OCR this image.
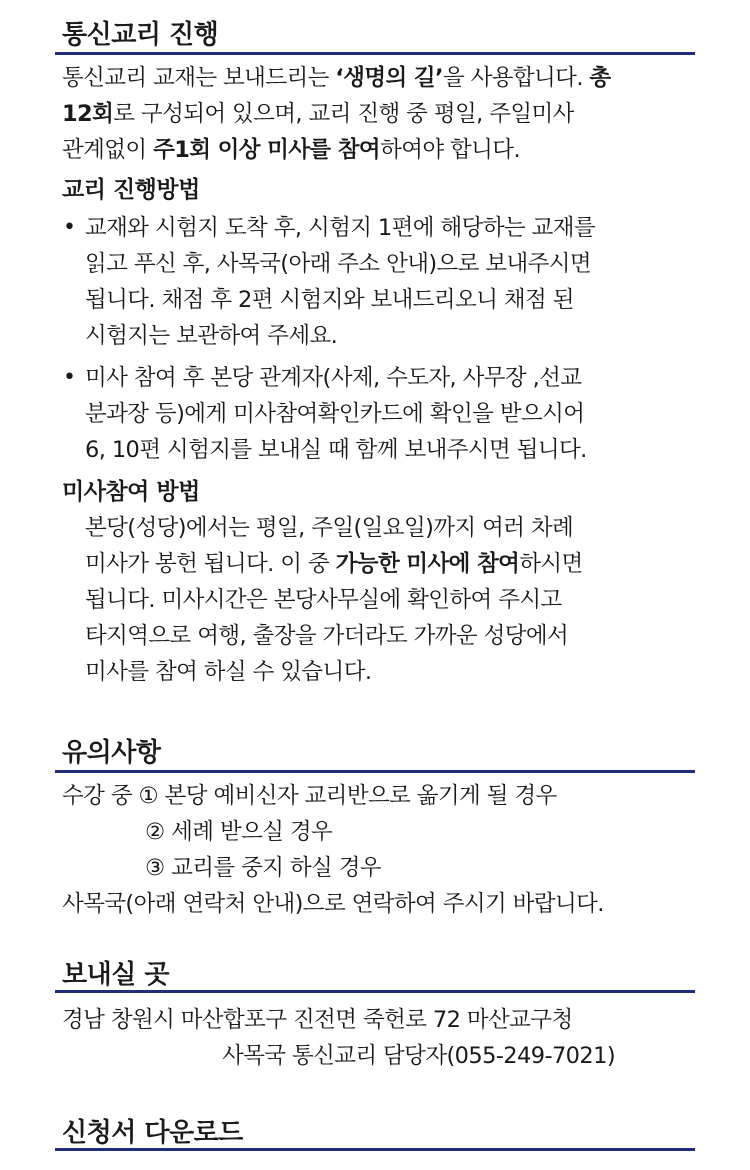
통신교리 진행
통신교리 교재는 보내드리는 ‘생명의 길’을 사용합니다. 총
12회로 구성되어 있으며, 교리 진행 중 평일, 주일미사
관계없이 주1회 이상 미사를 참여하여야 합니다.
교리 진행방법
• 교재와 시험지 도착 후, 시험지 1편에 해당하는 교재를
읽고 푸신 후, 사목국(아래 주소 안내)으로 보내주시면
됩니다. 채점 후 2편 시험지와 보내드리오니 채점 된
시험지는 보관하여 주세요.
• 미사 참여 후 본당 관계자(사제, 수도자, 사무장 ,선교
분과장 등)에게 미사참여확인카드에 확인을 받으시어
6, 10편 시험지를 보내실 때 함께 보내주시면 됩니다.
미사참여 방법
본당(성당)에서는 평일, 주일(일요일)까지 여러 차례
미사가 봉헌 됩니다. 이 중 가능한 미사에 참여하시면
됩니다. 미사시간은 본당사무실에 확인하여 주시고
타지역으로 여행, 출장을 가더라도 가까운 성당에서
미사를 참여 하실 수 있습니다.
유의사항
수강 중 ① 본당 예비신자 교리반으로 옮기게 될 경우
② 세례 받으실 경우
③ 교리를 중지 하실 경우
사목국(아래 연락처 안내)으로 연락하여 주시기 바랍니다.
보내실 곳
경남 창원시 마산합포구 진전면 죽헌로 72 마산교구청
사목국 통신교리 담당자(055-249-7021)
신청서 다운로드
